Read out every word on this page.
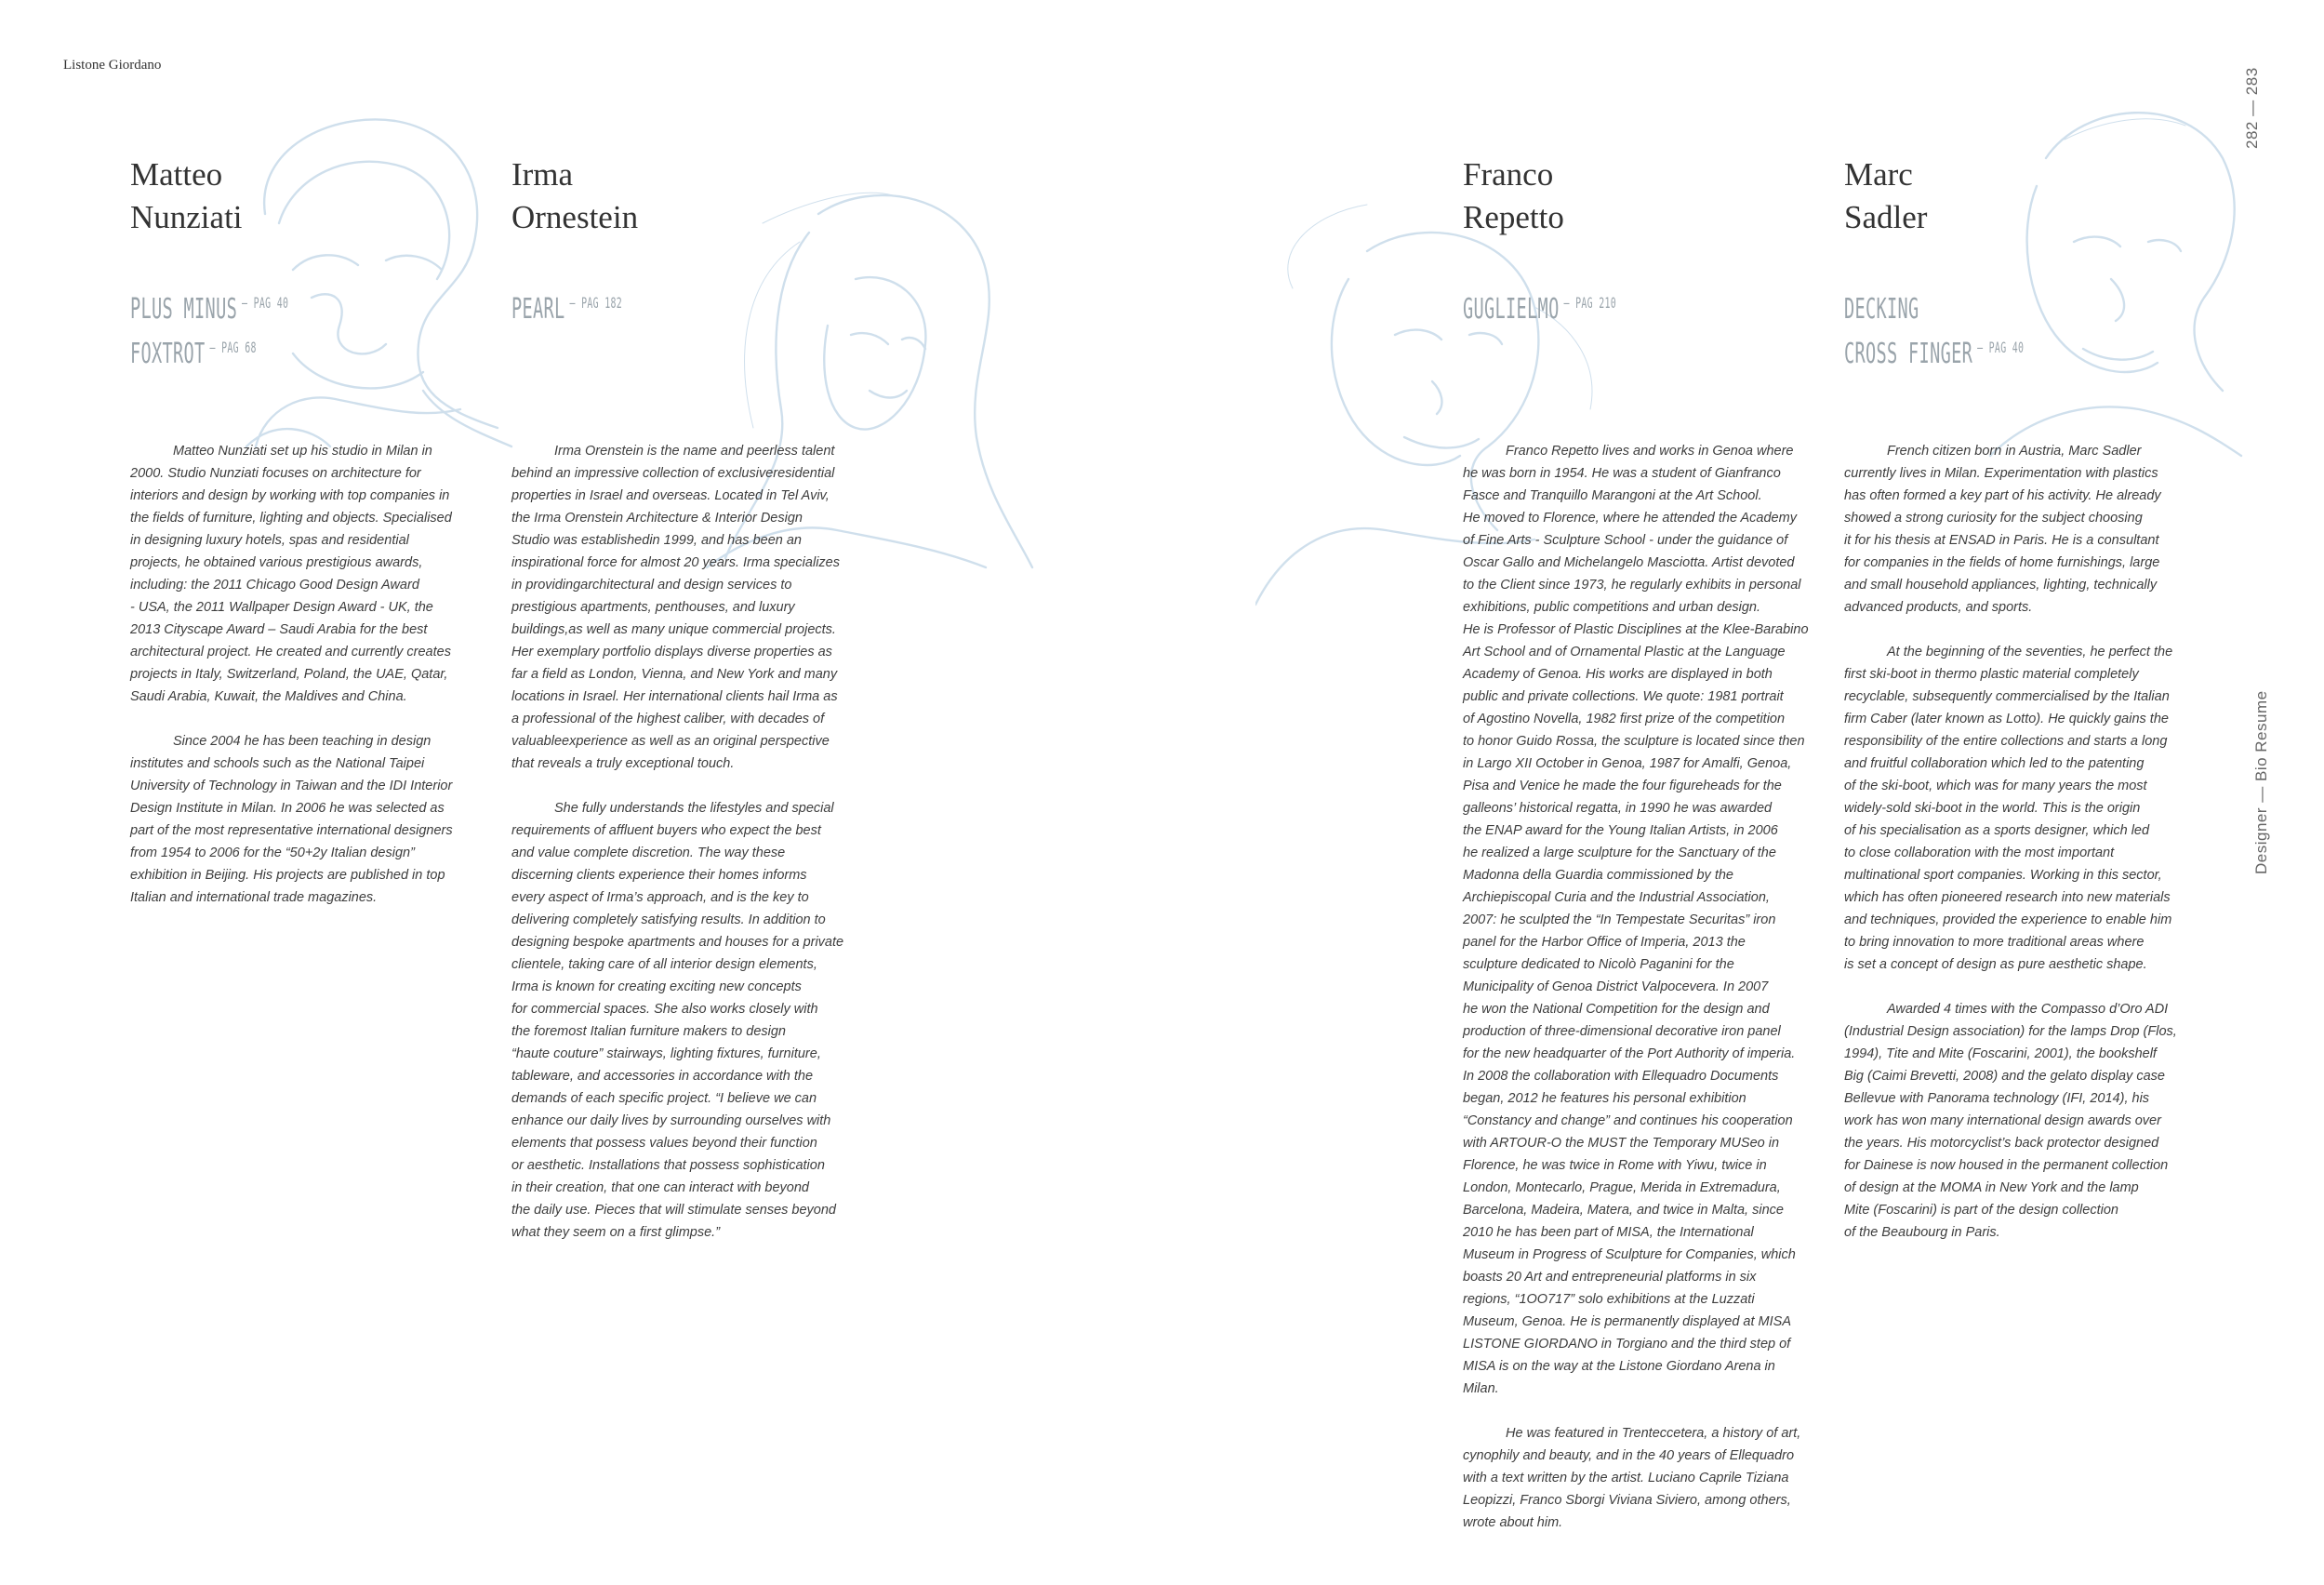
Listone Giordano
282 — 283
Designer — Bio Resume
Matteo
Nunziati
PLUS MINUS $^{- PAG 40}$
FOXTROT $^{- PAG 68}$

Matteo Nunziati set up his studio in Milan in
2000. Studio Nunziati focuses on architecture for
interiors and design by working with top companies in
the fields of furniture, lighting and objects. Specialised
in designing luxury hotels, spas and residential
projects, he obtained various prestigious awards,
including: the 2011 Chicago Good Design Award
- USA, the 2011 Wallpaper Design Award - UK, the
2013 Cityscape Award – Saudi Arabia for the best
architectural project. He created and currently creates
projects in Italy, Switzerland, Poland, the UAE, Qatar,
Saudi Arabia, Kuwait, the Maldives and China.

Since 2004 he has been teaching in design
institutes and schools such as the National Taipei
University of Technology in Taiwan and the IDI Interior
Design Institute in Milan. In 2006 he was selected as
part of the most representative international designers
from 1954 to 2006 for the “50+2y Italian design”
exhibition in Beijing. His projects are published in top
Italian and international trade magazines.

Irma
Ornestein
PEARL $^{- PAG 182}$

Irma Orenstein is the name and peerless talent
behind an impressive collection of exclusiveresidential
properties in Israel and overseas. Located in Tel Aviv,
the Irma Orenstein Architecture & Interior Design
Studio was establishedin 1999, and has been an
inspirational force for almost 20 years. Irma specializes
in providingarchitectural and design services to
prestigious apartments, penthouses, and luxury
buildings,as well as many unique commercial projects.
Her exemplary portfolio displays diverse properties as
far a field as London, Vienna, and New York and many
locations in Israel. Her international clients hail Irma as
a professional of the highest caliber, with decades of
valuableexperience as well as an original perspective
that reveals a truly exceptional touch.

She fully understands the lifestyles and special
requirements of affluent buyers who expect the best
and value complete discretion. The way these
discerning clients experience their homes informs
every aspect of Irma’s approach, and is the key to
delivering completely satisfying results. In addition to
designing bespoke apartments and houses for a private
clientele, taking care of all interior design elements,
Irma is known for creating exciting new concepts
for commercial spaces. She also works closely with
the foremost Italian furniture makers to design
“haute couture” stairways, lighting fixtures, furniture,
tableware, and accessories in accordance with the
demands of each specific project. “I believe we can
enhance our daily lives by surrounding ourselves with
elements that possess values beyond their function
or aesthetic. Installations that possess sophistication
in their creation, that one can interact with beyond
the daily use. Pieces that will stimulate senses beyond
what they seem on a first glimpse.”

Franco
Repetto
GUGLIELMO $^{- PAG 210}$

Franco Repetto lives and works in Genoa where
he was born in 1954. He was a student of Gianfranco
Fasce and Tranquillo Marangoni at the Art School.
He moved to Florence, where he attended the Academy
of Fine Arts - Sculpture School - under the guidance of
Oscar Gallo and Michelangelo Masciotta. Artist devoted
to the Client since 1973, he regularly exhibits in personal
exhibitions, public competitions and urban design.
He is Professor of Plastic Disciplines at the Klee-Barabino
Art School and of Ornamental Plastic at the Language
Academy of Genoa. His works are displayed in both
public and private collections. We quote: 1981 portrait
of Agostino Novella, 1982 first prize of the competition
to honor Guido Rossa, the sculpture is located since then
in Largo XII October in Genoa, 1987 for Amalfi, Genoa,
Pisa and Venice he made the four figureheads for the
galleons’ historical regatta, in 1990 he was awarded
the ENAP award for the Young Italian Artists, in 2006
he realized a large sculpture for the Sanctuary of the
Madonna della Guardia commissioned by the
Archiepiscopal Curia and the Industrial Association,
2007: he sculpted the “In Tempestate Securitas” iron
panel for the Harbor Office of Imperia, 2013 the
sculpture dedicated to Nicolò Paganini for the
Municipality of Genoa District Valpocevera. In 2007
he won the National Competition for the design and
production of three-dimensional decorative iron panel
for the new headquarter of the Port Authority of imperia.
In 2008 the collaboration with Ellequadro Documents
began, 2012 he features his personal exhibition
“Constancy and change” and continues his cooperation
with ARTOUR-O the MUST the Temporary MUSeo in
Florence, he was twice in Rome with Yiwu, twice in
London, Montecarlo, Prague, Merida in Extremadura,
Barcelona, Madeira, Matera, and twice in Malta, since
2010 he has been part of MISA, the International
Museum in Progress of Sculpture for Companies, which
boasts 20 Art and entrepreneurial platforms in six
regions, “1OO717” solo exhibitions at the Luzzati
Museum, Genoa. He is permanently displayed at MISA
LISTONE GIORDANO in Torgiano and the third step of
MISA is on the way at the Listone Giordano Arena in
Milan.

He was featured in Trenteccetera, a history of art,
cynophily and beauty, and in the 40 years of Ellequadro
with a text written by the artist. Luciano Caprile Tiziana
Leopizzi, Franco Sborgi Viviana Siviero, among others,
wrote about him.

Marc
Sadler
DECKING
CROSS FINGER $^{- PAG 40}$

French citizen born in Austria, Marc Sadler
currently lives in Milan. Experimentation with plastics
has often formed a key part of his activity. He already
showed a strong curiosity for the subject choosing
it for his thesis at ENSAD in Paris. He is a consultant
for companies in the fields of home furnishings, large
and small household appliances, lighting, technically
advanced products, and sports.

At the beginning of the seventies, he perfect the
first ski-boot in thermo plastic material completely
recyclable, subsequently commercialised by the Italian
firm Caber (later known as Lotto). He quickly gains the
responsibility of the entire collections and starts a long
and fruitful collaboration which led to the patenting
of the ski-boot, which was for many years the most
widely-sold ski-boot in the world. This is the origin
of his specialisation as a sports designer, which led
to close collaboration with the most important
multinational sport companies. Working in this sector,
which has often pioneered research into new materials
and techniques, provided the experience to enable him
to bring innovation to more traditional areas where
is set a concept of design as pure aesthetic shape.

Awarded 4 times with the Compasso d’Oro ADI
(Industrial Design association) for the lamps Drop (Flos,
1994), Tite and Mite (Foscarini, 2001), the bookshelf
Big (Caimi Brevetti, 2008) and the gelato display case
Bellevue with Panorama technology (IFI, 2014), his
work has won many international design awards over
the years. His motorcyclist’s back protector designed
for Dainese is now housed in the permanent collection
of design at the MOMA in New York and the lamp
Mite (Foscarini) is part of the design collection
of the Beaubourg in Paris.
